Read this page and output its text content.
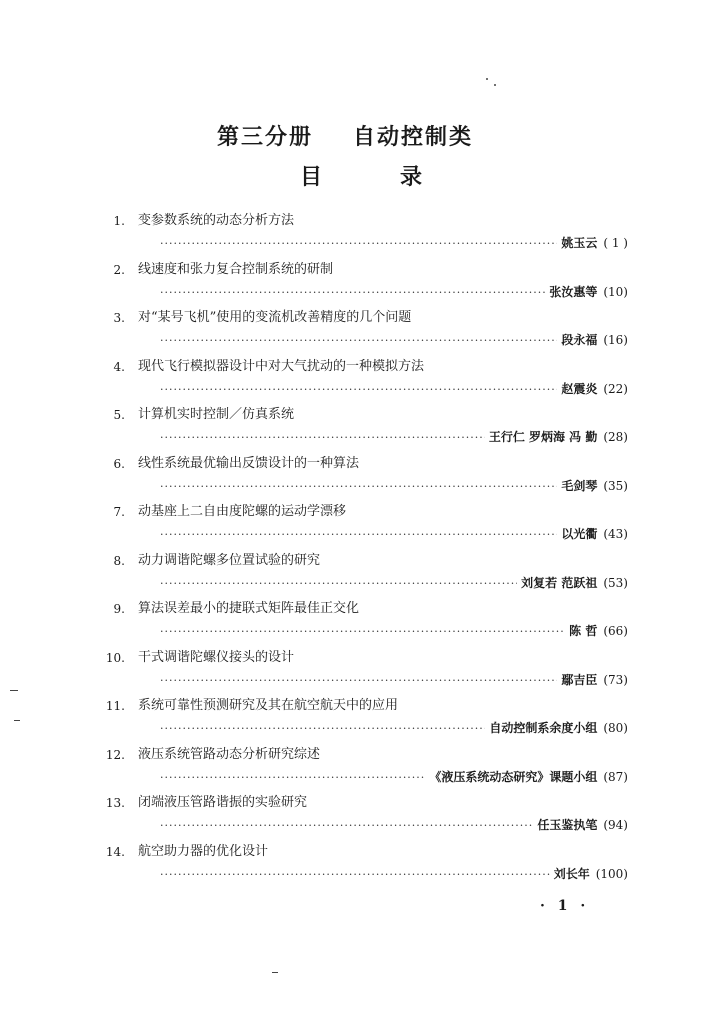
第三分册 自动控制类
目	录
1. 变参数系统的动态分析方法
·····
姚玉云 ( 1 )
2. 线速度和张力复合控制系统的研制
·····
张汝惠等 (10)
3. 对“某号飞机”使用的变流机改善精度的几个问题
·····
段永福 (16)
4. 现代飞行模拟器设计中对大气扰动的一种模拟方法
·····
赵震炎 (22)
5. 计算机实时控制／仿真系统
·····
王行仁 罗炳海 冯 勤 (28)
6. 线性系统最优输出反馈设计的一种算法
·····
毛剑琴 (35)
7. 动基座上二自由度陀螺的运动学漂移
·····
以光衢 (43)
8. 动力调谐陀螺多位置试验的研究
·····
刘复若 范跃祖 (53)
9. 算法误差最小的捷联式矩阵最佳正交化
·····
陈 哲 (66)
10. 干式调谐陀螺仪接头的设计
·····
鄢吉臣 (73)
11. 系统可靠性预测研究及其在航空航天中的应用
·····
自动控制系余度小组 (80)
12. 液压系统管路动态分析研究综述
·····
《液压系统动态研究》课题小组 (87)
13. 闭端液压管路谐振的实验研究
·····
任玉鉴执笔 (94)
14. 航空助力器的优化设计
·····
刘长年 (100)
· 1 ·
